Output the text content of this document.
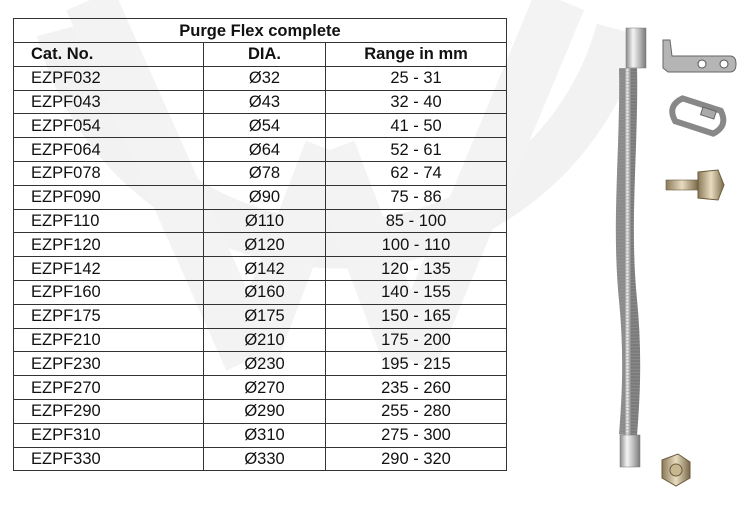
Purge Flex complete		
Cat. No.	DIA.	Range in mm
EZPF032	Ø32	25 - 31
EZPF043	Ø43	32 - 40
EZPF054	Ø54	41 - 50
EZPF064	Ø64	52 - 61
EZPF078	Ø78	62 - 74
EZPF090	Ø90	75 - 86
EZPF110	Ø110	85 - 100
EZPF120	Ø120	100 - 110
EZPF142	Ø142	120 - 135
EZPF160	Ø160	140 - 155
EZPF175	Ø175	150 - 165
EZPF210	Ø210	175 - 200
EZPF230	Ø230	195 - 215
EZPF270	Ø270	235 - 260
EZPF290	Ø290	255 - 280
EZPF310	Ø310	275 - 300
EZPF330	Ø330	290 - 320
